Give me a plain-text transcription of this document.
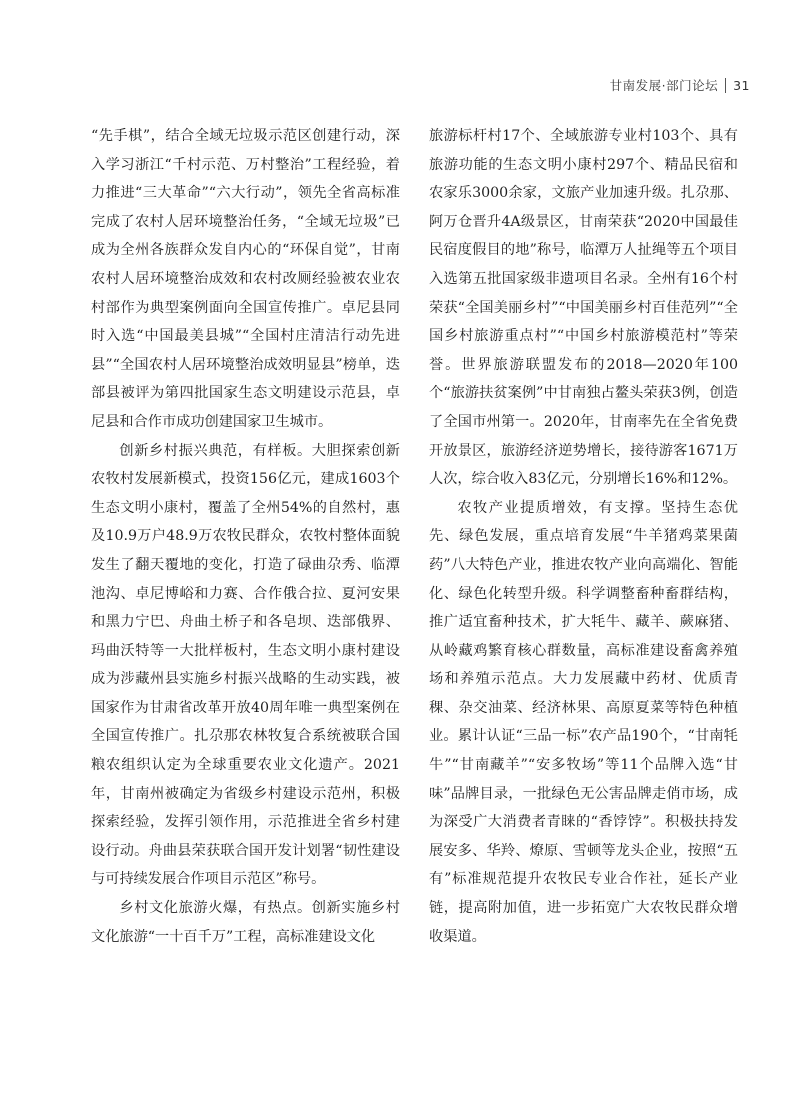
甘南发展·部门论坛 31

“先手棋”，结合全域无垃圾示范区创建行动，深入学习浙江“千村示范、万村整治”工程经验，着力推进“三大革命”“六大行动”，领先全省高标准完成了农村人居环境整治任务，“全域无垃圾”已成为全州各族群众发自内心的“环保自觉”，甘南农村人居环境整治成效和农村改厕经验被农业农村部作为典型案例面向全国宣传推广。卓尼县同时入选“中国最美县城”“全国村庄清洁行动先进县”“全国农村人居环境整治成效明显县”榜单，迭部县被评为第四批国家生态文明建设示范县，卓尼县和合作市成功创建国家卫生城市。

创新乡村振兴典范，有样板。大胆探索创新农牧村发展新模式，投资156亿元，建成1603个生态文明小康村，覆盖了全州54%的自然村，惠及10.9万户48.9万农牧民群众，农牧村整体面貌发生了翻天覆地的变化，打造了碌曲尕秀、临潭池沟、卓尼博峪和力赛、合作俄合拉、夏河安果和黑力宁巴、舟曲土桥子和各皂坝、迭部俄界、玛曲沃特等一大批样板村，生态文明小康村建设成为涉藏州县实施乡村振兴战略的生动实践，被国家作为甘肃省改革开放40周年唯一典型案例在全国宣传推广。扎尕那农林牧复合系统被联合国粮农组织认定为全球重要农业文化遗产。2021年，甘南州被确定为省级乡村建设示范州，积极探索经验，发挥引领作用，示范推进全省乡村建设行动。舟曲县荣获联合国开发计划署“韧性建设与可持续发展合作项目示范区”称号。

乡村文化旅游火爆，有热点。创新实施乡村文化旅游“一十百千万”工程，高标准建设文化

旅游标杆村17个、全域旅游专业村103个、具有旅游功能的生态文明小康村297个、精品民宿和农家乐3000余家，文旅产业加速升级。扎尕那、阿万仓晋升4A级景区，甘南荣获“2020中国最佳民宿度假目的地”称号，临潭万人扯绳等五个项目入选第五批国家级非遗项目名录。全州有16个村荣获“全国美丽乡村”“中国美丽乡村百佳范列”“全国乡村旅游重点村”“中国乡村旅游模范村”等荣誉。世界旅游联盟发布的2018—2020年100个“旅游扶贫案例”中甘南独占鳌头荣获3例，创造了全国市州第一。2020年，甘南率先在全省免费开放景区，旅游经济逆势增长，接待游客1671万人次，综合收入83亿元，分别增长16%和12%。

农牧产业提质增效，有支撑。坚持生态优先、绿色发展，重点培育发展“牛羊猪鸡菜果菌药”八大特色产业，推进农牧产业向高端化、智能化、绿色化转型升级。科学调整畜种畜群结构，推广适宜畜种技术，扩大牦牛、藏羊、蕨麻猪、从岭藏鸡繁育核心群数量，高标准建设畜禽养殖场和养殖示范点。大力发展藏中药材、优质青稞、杂交油菜、经济林果、高原夏菜等特色种植业。累计认证“三品一标”农产品190个，“甘南牦牛”“甘南藏羊”“安多牧场”等11个品牌入选“甘味”品牌目录，一批绿色无公害品牌走俏市场，成为深受广大消费者青睐的“香饽饽”。积极扶持发展安多、华羚、燎原、雪顿等龙头企业，按照“五有”标准规范提升农牧民专业合作社，延长产业链，提高附加值，进一步拓宽广大农牧民群众增收渠道。
